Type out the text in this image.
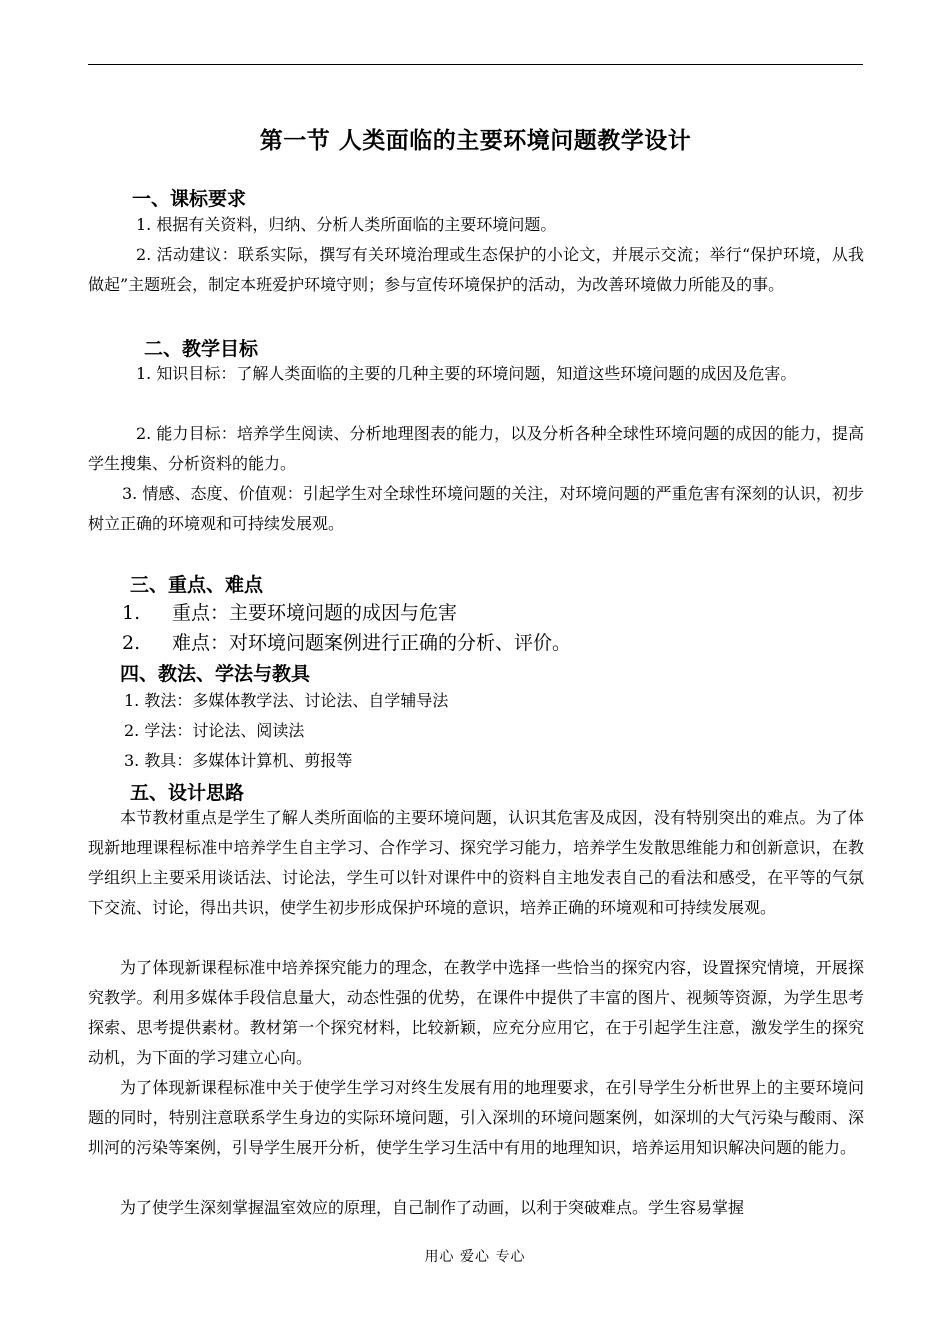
第一节 人类面临的主要环境问题教学设计
一、课标要求
1. 根据有关资料，归纳、分析人类所面临的主要环境问题。
2. 活动建议：联系实际，撰写有关环境治理或生态保护的小论文，并展示交流；举行“保护环境，从我做起”主题班会，制定本班爱护环境守则；参与宣传环境保护的活动，为改善环境做力所能及的事。
二、教学目标
1. 知识目标：了解人类面临的主要的几种主要的环境问题，知道这些环境问题的成因及危害。
2. 能力目标：培养学生阅读、分析地理图表的能力，以及分析各种全球性环境问题的成因的能力，提高学生搜集、分析资料的能力。
3. 情感、态度、价值观：引起学生对全球性环境问题的关注，对环境问题的严重危害有深刻的认识，初步树立正确的环境观和可持续发展观。
三、重点、难点
1. 重点：主要环境问题的成因与危害
2. 难点：对环境问题案例进行正确的分析、评价。
四、教法、学法与教具
1. 教法：多媒体教学法、讨论法、自学辅导法
2. 学法：讨论法、阅读法
3. 教具：多媒体计算机、剪报等
五、设计思路
本节教材重点是学生了解人类所面临的主要环境问题，认识其危害及成因，没有特别突出的难点。为了体现新地理课程标准中培养学生自主学习、合作学习、探究学习能力，培养学生发散思维能力和创新意识，在教学组织上主要采用谈话法、讨论法，学生可以针对课件中的资料自主地发表自己的看法和感受，在平等的气氛下交流、讨论，得出共识，使学生初步形成保护环境的意识，培养正确的环境观和可持续发展观。
为了体现新课程标准中培养探究能力的理念，在教学中选择一些恰当的探究内容，设置探究情境，开展探究教学。利用多媒体手段信息量大，动态性强的优势，在课件中提供了丰富的图片、视频等资源，为学生思考探索、思考提供素材。教材第一个探究材料，比较新颖，应充分应用它，在于引起学生注意，激发学生的探究动机，为下面的学习建立心向。
为了体现新课程标准中关于使学生学习对终生发展有用的地理要求，在引导学生分析世界上的主要环境问题的同时，特别注意联系学生身边的实际环境问题，引入深圳的环境问题案例，如深圳的大气污染与酸雨、深圳河的污染等案例，引导学生展开分析，使学生学习生活中有用的地理知识，培养运用知识解决问题的能力。
为了使学生深刻掌握温室效应的原理，自己制作了动画，以利于突破难点。学生容易掌握
用心 爱心 专心
